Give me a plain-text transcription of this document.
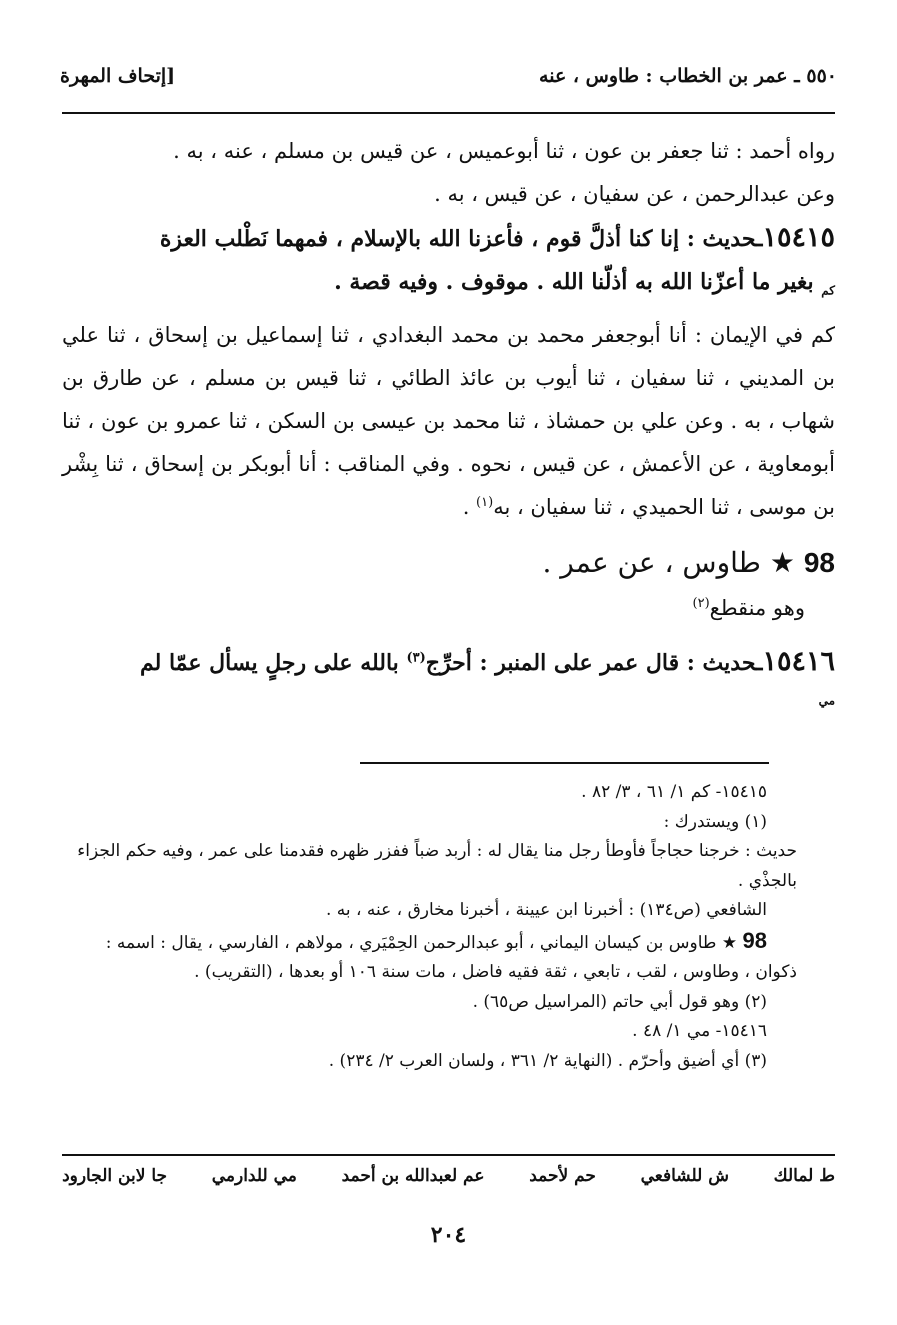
٥٥٠ ـ عمر بن الخطاب : طاوس ، عنه
[إتحاف المهرة

رواه أحمد : ثنا جعفر بن عون ، ثنا أبوعميس ، عن قيس بن مسلم ، عنه ، به .

وعن عبدالرحمن ، عن سفيان ، عن قيس ، به .

١٥٤١٥ـحديث : إنا كنا أذلَّ قوم ، فأعزنا الله بالإسلام ، فمهما نَطْلب العزة

$_{كم}$ بغير ما أعزّنا الله به أذلّنا الله . موقوف . وفيه قصة .

كم في الإيمان : أنا أبوجعفر محمد بن محمد البغدادي ، ثنا إسماعيل بن إسحاق ، ثنا علي بن المديني ، ثنا سفيان ، ثنا أيوب بن عائذ الطائي ، ثنا قيس بن مسلم ، عن طارق بن شهاب ، به . وعن علي بن حمشاذ ، ثنا محمد بن عيسى بن السكن ، ثنا عمرو بن عون ، ثنا أبومعاوية ، عن الأعمش ، عن قيس ، نحوه . وفي المناقب : أنا أبوبكر بن إسحاق ، ثنا بِشْر بن موسى ، ثنا الحميدي ، ثنا سفيان ، به$^{(١)}$ .

98 ★ طاوس ، عن عمر .

وهو منقطع$^{(٢)}$

١٥٤١٦ـحديث : قال عمر على المنبر : أحرِّج$^{(٣)}$ بالله على رجلٍ يسأل عمّا لم

$_{مي}$

١٥٤١٥- كم ١/ ٦١ ، ٣/ ٨٢ .

(١) ويستدرك :

حديث : خرجنا حجاجاً فأوطأ رجل منا يقال له : أربد ضباً ففزر ظهره فقدمنا على عمر ، وفيه حكم الجزاء بالجذْي .

الشافعي (ص١٣٤) : أخبرنا ابن عيينة ، أخبرنا مخارق ، عنه ، به .

98 ★ طاوس بن كيسان اليماني ، أبو عبدالرحمن الحِمْيَري ، مولاهم ، الفارسي ، يقال : اسمه : ذكوان ، وطاوس ، لقب ، تابعي ، ثقة فقيه فاضل ، مات سنة ١٠٦ أو بعدها ، (التقريب) .

(٢) وهو قول أبي حاتم (المراسيل ص٦٥) .

١٥٤١٦- مي ١/ ٤٨ .

(٣) أي أضيق وأحرّم . (النهاية ٢/ ٣٦١ ، ولسان العرب ٢/ ٢٣٤) .

ط لمالك
ش للشافعي
حم لأحمد
عم لعبدالله بن أحمد
مي للدارمي
جا لابن الجارود
٢٠٤
